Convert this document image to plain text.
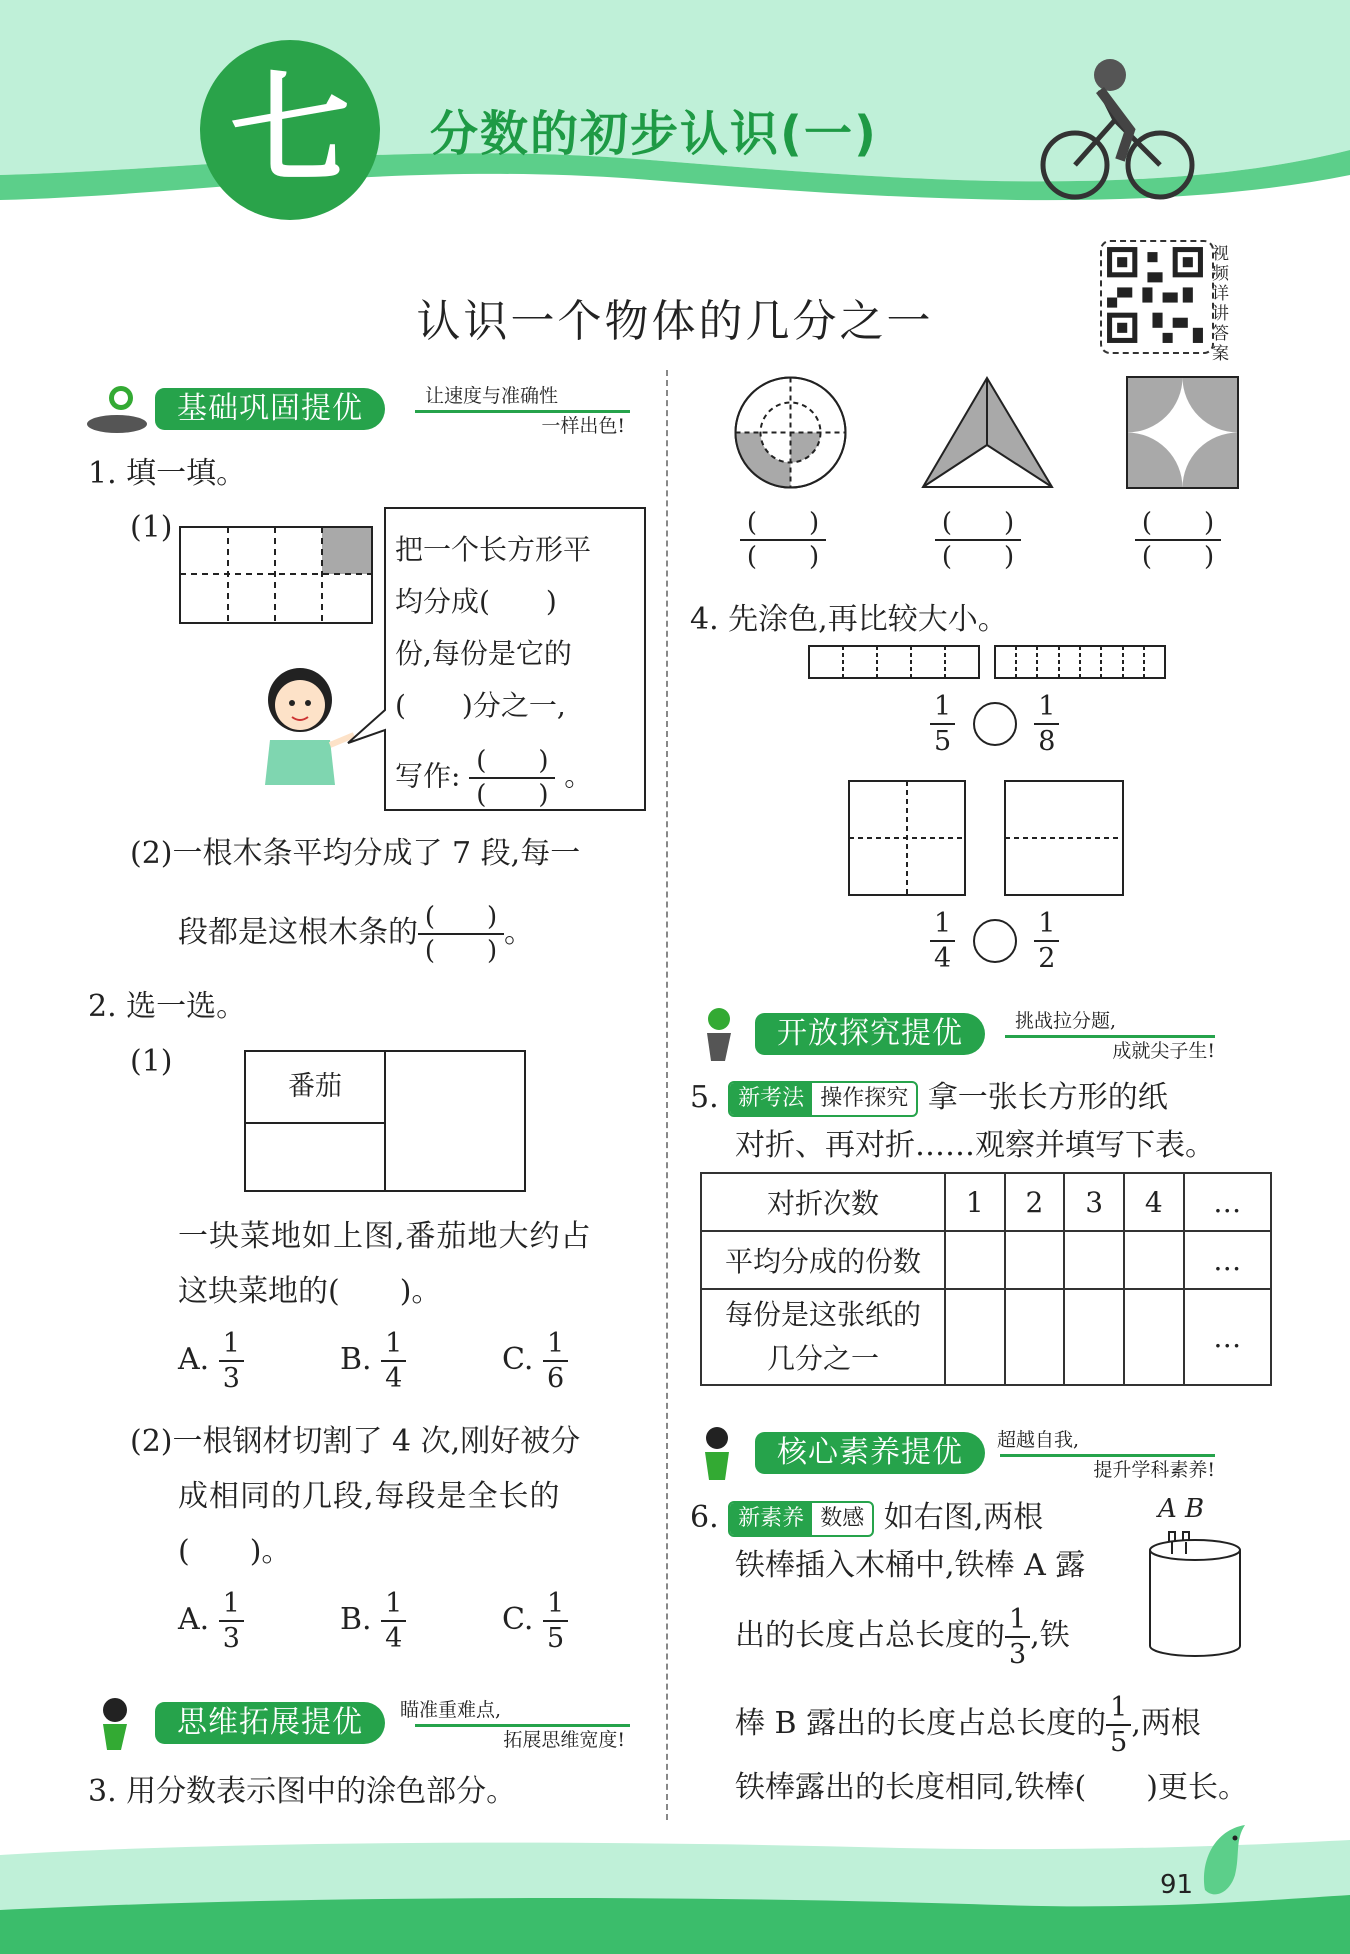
七 分数的初步认识(一)
认识一个物体的几分之一
视频详讲答案
基础巩固提优	让速度与准确性
一样出色!
1. 填一填。
(1)
把一个长方形平
均分成(　　)
份,每份是它的
(　　)分之一,
写作: $\frac{( )}{( )}$ 。
(2)一根木条平均分成了 7 段,每一
段都是这根木条的 $\frac{( )}{( )}$ 。
2. 选一选。
(1)
番茄
一块菜地如上图,番茄地大约占
这块菜地的(　　)。
A. $\frac{1}{3}$	B. $\frac{1}{4}$	C. $\frac{1}{6}$
(2)一根钢材切割了 4 次,刚好被分
成相同的几段,每段是全长的
(　　)。
A. $\frac{1}{3}$	B. $\frac{1}{4}$	C. $\frac{1}{5}$
思维拓展提优	瞄准重难点,
拓展思维宽度!
3. 用分数表示图中的涂色部分。
$\frac{( )}{( )}$	$\frac{( )}{( )}$	$\frac{( )}{( )}$
4. 先涂色,再比较大小。
$\frac{1}{5}$
	$\frac{1}{8}$
$\frac{1}{4}$
	$\frac{1}{2}$
开放探究提优	挑战拉分题,
成就尖子生!
5. 新考法 操作探究 拿一张长方形的纸
对折、再对折……观察并填写下表。
对折次数	1	2	3	4	…
平均分成的份数					…

每份是这张纸的
几分之一					…
核心素养提优	超越自我,
提升学科素养!
6. 新素养 数感 如右图,两根
铁棒插入木桶中,铁棒 A 露
出的长度占总长度的 $\frac{1}{3}$ ,铁
棒 B 露出的长度占总长度的 $\frac{1}{5}$ ,两根
铁棒露出的长度相同,铁棒(　　)更长。
A B
91
